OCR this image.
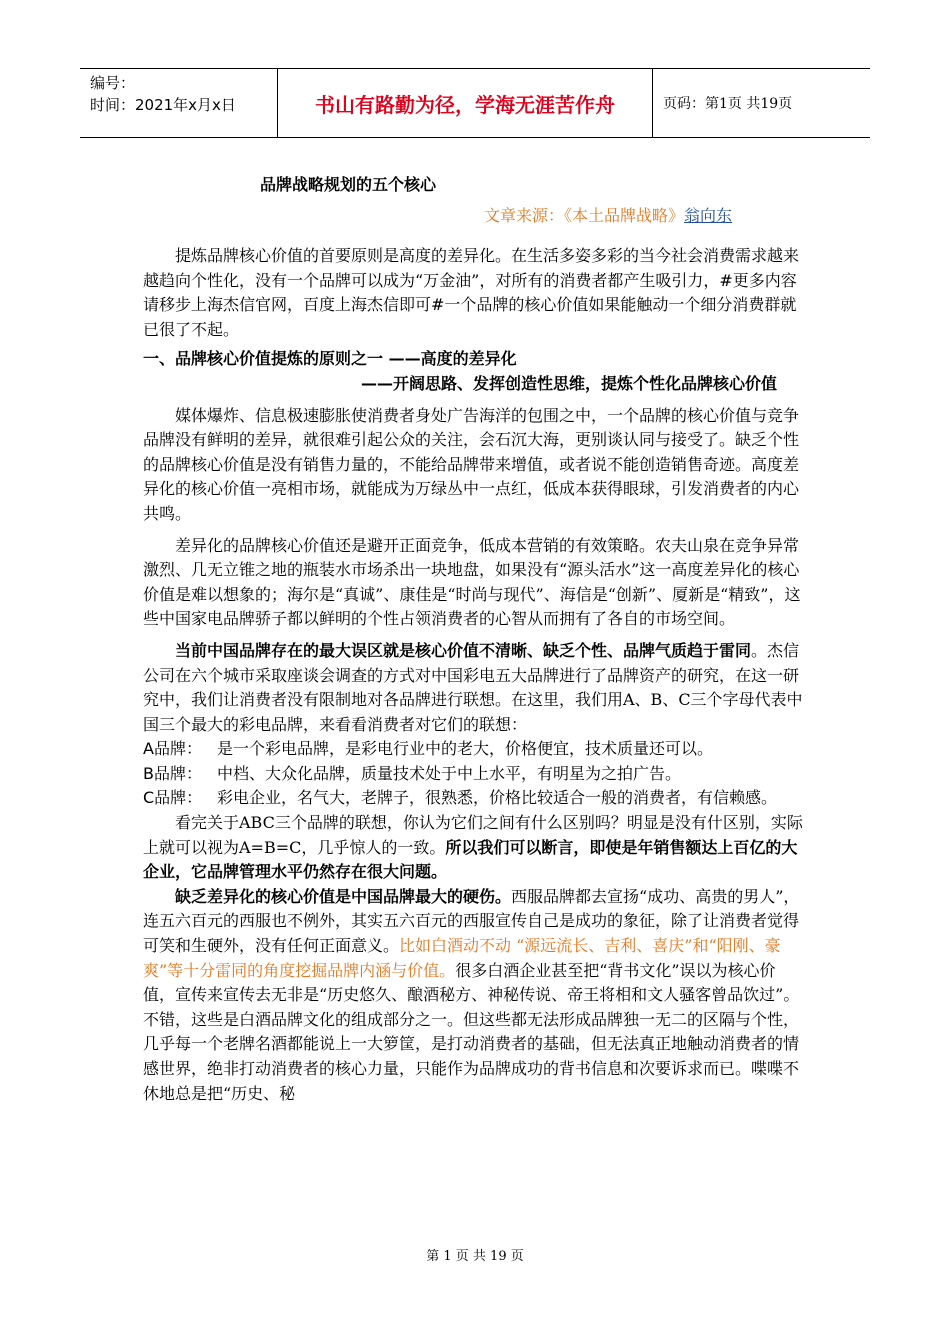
编号：
时间：2021年x月x日	书山有路勤为径，学海无涯苦作舟	页码：第1页 共19页
品牌战略规划的五个核心
文章来源：《本土品牌战略》翁向东

提炼品牌核心价值的首要原则是高度的差异化。在生活多姿多彩的当今社会消费需求越来越趋向个性化，没有一个品牌可以成为“万金油”，对所有的消费者都产生吸引力，#更多内容请移步上海杰信官网，百度上海杰信即可#一个品牌的核心价值如果能触动一个细分消费群就已很了不起。

一、品牌核心价值提炼的原则之一 ——高度的差异化

——开阔思路、发挥创造性思维，提炼个性化品牌核心价值

媒体爆炸、信息极速膨胀使消费者身处广告海洋的包围之中，一个品牌的核心价值与竞争品牌没有鲜明的差异，就很难引起公众的关注，会石沉大海，更别谈认同与接受了。缺乏个性的品牌核心价值是没有销售力量的，不能给品牌带来增值，或者说不能创造销售奇迹。高度差异化的核心价值一亮相市场，就能成为万绿丛中一点红，低成本获得眼球，引发消费者的内心共鸣。

差异化的品牌核心价值还是避开正面竞争，低成本营销的有效策略。农夫山泉在竞争异常激烈、几无立锥之地的瓶装水市场杀出一块地盘，如果没有“源头活水”这一高度差异化的核心价值是难以想象的；海尔是“真诚”、康佳是“时尚与现代”、海信是“创新”、厦新是“精致”，这些中国家电品牌骄子都以鲜明的个性占领消费者的心智从而拥有了各自的市场空间。

当前中国品牌存在的最大误区就是核心价值不清晰、缺乏个性、品牌气质趋于雷同。杰信公司在六个城市采取座谈会调查的方式对中国彩电五大品牌进行了品牌资产的研究，在这一研究中，我们让消费者没有限制地对各品牌进行联想。在这里，我们用A、B、C三个字母代表中国三个最大的彩电品牌，来看看消费者对它们的联想：

A品牌： 是一个彩电品牌，是彩电行业中的老大，价格便宜，技术质量还可以。
B品牌： 中档、大众化品牌，质量技术处于中上水平，有明星为之拍广告。
C品牌： 彩电企业，名气大，老牌子，很熟悉，价格比较适合一般的消费者，有信赖感。

看完关于ABC三个品牌的联想，你认为它们之间有什么区别吗？明显是没有什区别，实际上就可以视为A=B=C，几乎惊人的一致。所以我们可以断言，即使是年销售额达上百亿的大企业，它品牌管理水平仍然存在很大问题。

缺乏差异化的核心价值是中国品牌最大的硬伤。西服品牌都去宣扬“成功、高贵的男人”，连五六百元的西服也不例外，其实五六百元的西服宣传自己是成功的象征，除了让消费者觉得可笑和生硬外，没有任何正面意义。比如白酒动不动 “源远流长、吉利、喜庆”和“阳刚、豪爽”等十分雷同的角度挖掘品牌内涵与价值。很多白酒企业甚至把“背书文化”误以为核心价值，宣传来宣传去无非是“历史悠久、酿酒秘方、神秘传说、帝王将相和文人骚客曾品饮过”。不错，这些是白酒品牌文化的组成部分之一。但这些都无法形成品牌独一无二的区隔与个性，几乎每一个老牌名酒都能说上一大箩筐，是打动消费者的基础，但无法真正地触动消费者的情感世界，绝非打动消费者的核心力量，只能作为品牌成功的背书信息和次要诉求而已。喋喋不休地总是把“历史、秘

第 1 页 共 19 页
